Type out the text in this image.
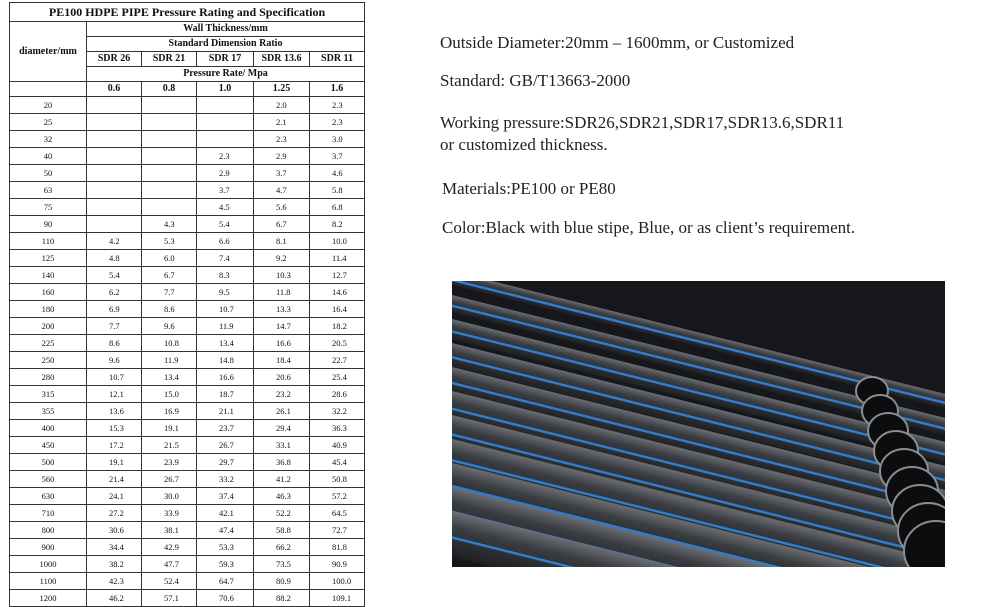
PE100 HDPE PIPE Pressure Rating and Specification					
diameter/mm	Wall Thickness/mm				
	Standard Dimension Ratio				
	SDR 26	SDR 21	SDR 17	SDR 13.6	SDR 11
	Pressure Rate/ Mpa				
	0.6	0.8	1.0	1.25	1.6
20				2.0	2.3
25				2.1	2.3
32				2.3	3.0
40			2.3	2.9	3.7
50			2.9	3.7	4.6
63			3.7	4.7	5.8
75			4.5	5.6	6.8
90		4.3	5.4	6.7	8.2
110	4.2	5.3	6.6	8.1	10.0
125	4.8	6.0	7.4	9.2	11.4
140	5.4	6.7	8.3	10.3	12.7
160	6.2	7.7	9.5	11.8	14.6
180	6.9	8.6	10.7	13.3	16.4
200	7.7	9.6	11.9	14.7	18.2
225	8.6	10.8	13.4	16.6	20.5
250	9.6	11.9	14.8	18.4	22.7
280	10.7	13.4	16.6	20.6	25.4
315	12.1	15.0	18.7	23.2	28.6
355	13.6	16.9	21.1	26.1	32.2
400	15.3	19.1	23.7	29.4	36.3
450	17.2	21.5	26.7	33.1	40.9
500	19.1	23.9	29.7	36.8	45.4
560	21.4	26.7	33.2	41.2	50.8
630	24.1	30.0	37.4	46.3	57.2
710	27.2	33.9	42.1	52.2	64.5
800	30.6	38.1	47.4	58.8	72.7
900	34.4	42.9	53.3	66.2	81.8
1000	38.2	47.7	59.3	73.5	90.9
1100	42.3	52.4	64.7	80.9	100.0
1200	46.2	57.1	70.6	88.2	109.1
Outside Diameter:20mm – 1600mm, or Customized
Standard: GB/T13663-2000
Working pressure:SDR26,SDR21,SDR17,SDR13.6,SDR11
or customized thickness.
Materials:PE100 or PE80
Color:Black with blue stipe, Blue, or as client’s requirement.
